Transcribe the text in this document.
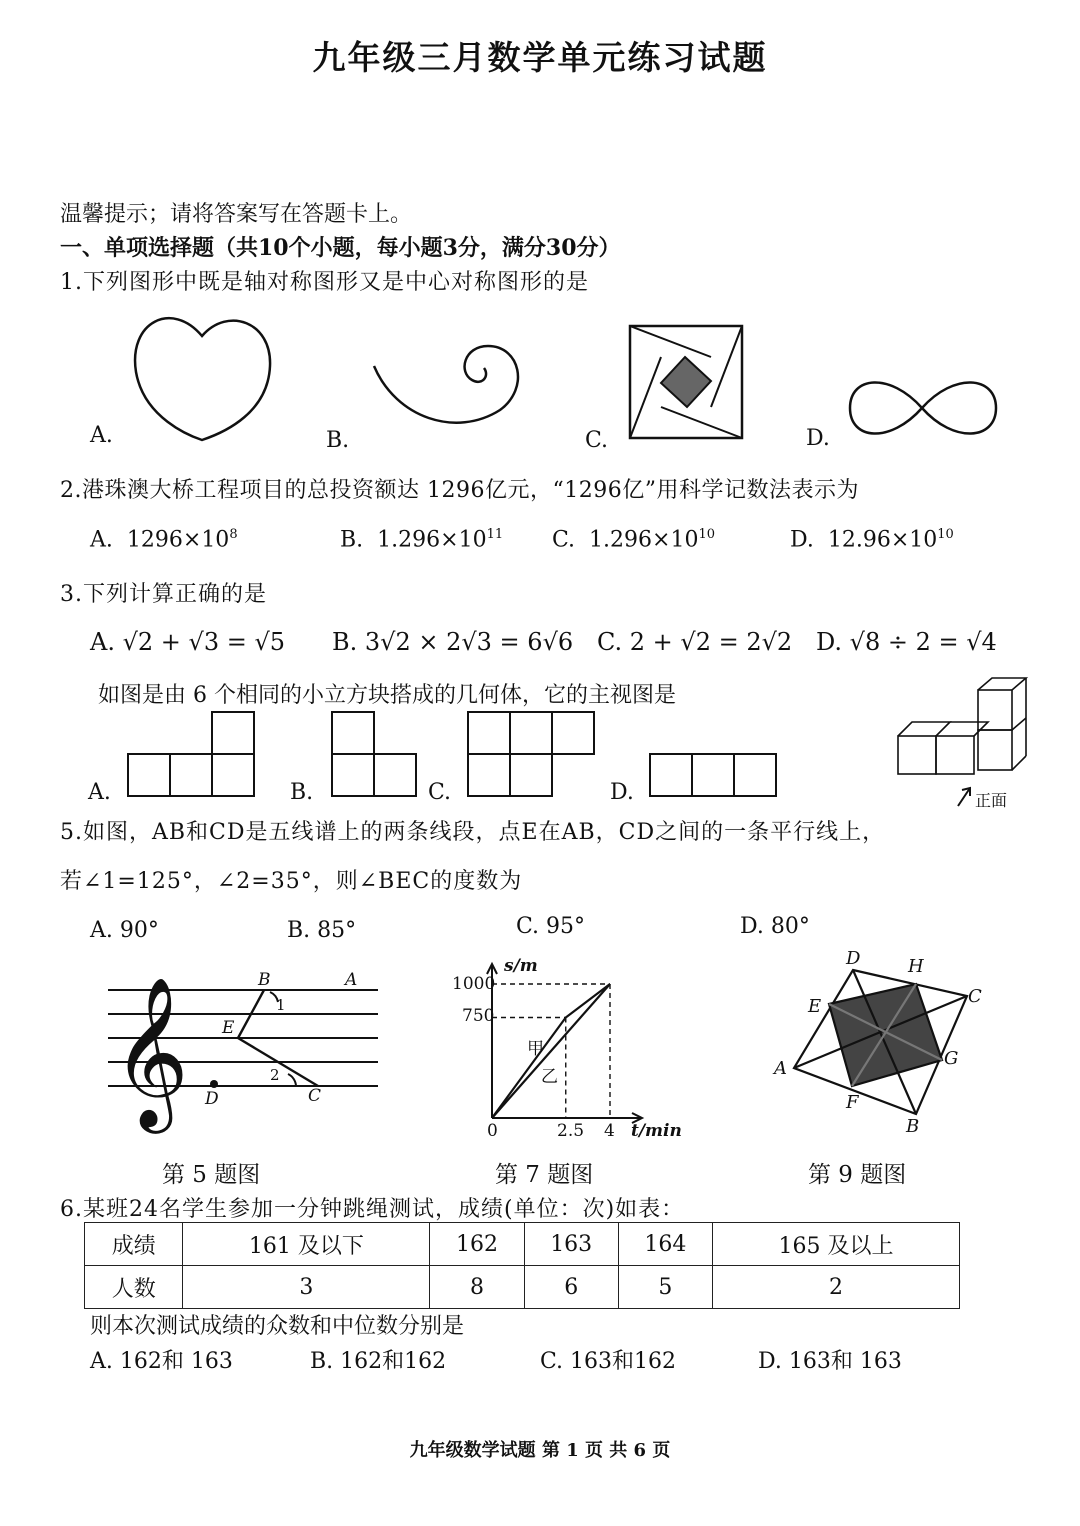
九年级三月数学单元练习试题
温馨提示；请将答案写在答题卡上。
一、单项选择题（共10个小题，每小题3分，满分30分）
1.下列图形中既是轴对称图形又是中心对称图形的是
A.	B.	C.	D.
2.港珠澳大桥工程项目的总投资额达 1296亿元，“1296亿”用科学记数法表示为
A. $1296\times 10^8$	B. $1.296\times 10^{11}$ C. $1.296\times 10^{10}$	D. $12.96\times 10^{10}$
3.下列计算正确的是
A. √2 + √3 = √5 B. 3√2 × 2√3 = 6√6 C. 2 + √2 = 2√2 D. √8 ÷ 2 = √4
如图是由 6 个相同的小立方块搭成的几何体，它的主视图是
A.	B.	C.	D.	正面
5.如图，AB和CD是五线谱上的两条线段，点E在AB，CD之间的一条平行线上，
若∠1=125°，∠2=35°，则∠BEC的度数为
A. 90°	B. 85°	C. 95°	D. 80°
𝄞	B	A
1
E
2
D	C
第 5 题图
s/m
t/min
1000
750
0	2.5 4
甲
乙
第 7 题图
D	H
C
E
G
A
F
B
第 9 题图
6.某班24名学生参加一分钟跳绳测试，成绩(单位：次)如表：
成绩	161 及以下	162	163	164	165 及以上
人数	3	8	6	5	2
则本次测试成绩的众数和中位数分别是
A. 162和 163	B. 162和162	C. 163和162	D. 163和 163
九年级数学试题 第 1 页 共 6 页
